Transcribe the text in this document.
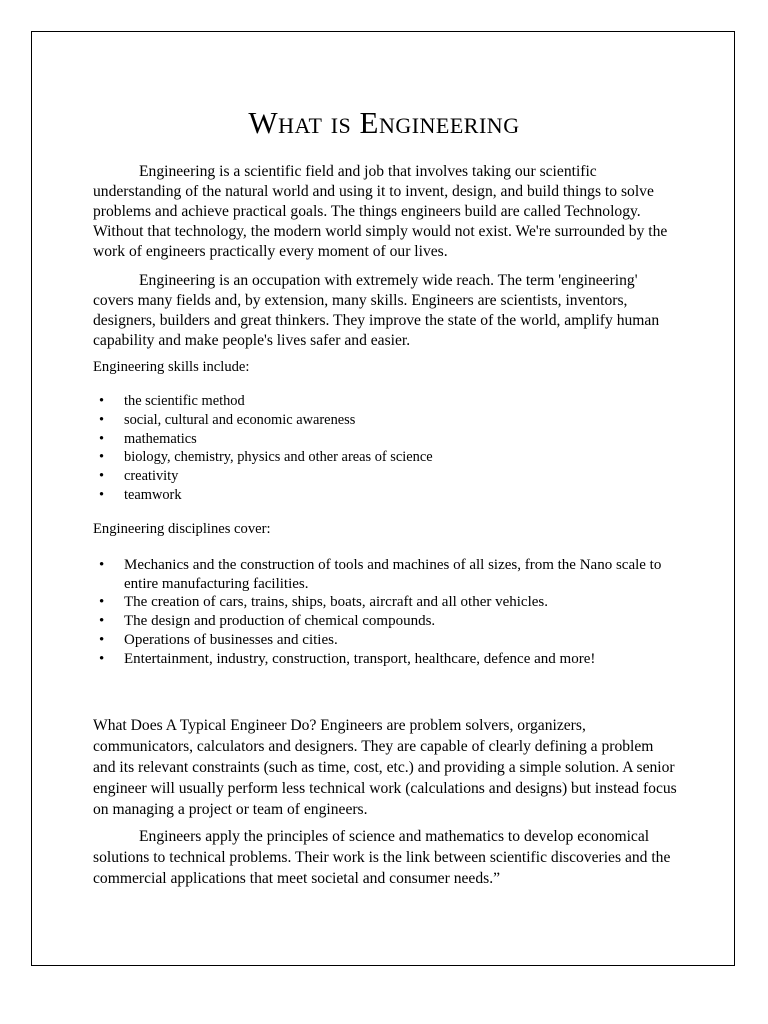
What is Engineering

Engineering is a scientific field and job that involves taking our scientific understanding of the natural world and using it to invent, design, and build things to solve problems and achieve practical goals. The things engineers build are called Technology. Without that technology, the modern world simply would not exist. We're surrounded by the work of engineers practically every moment of our lives.

Engineering is an occupation with extremely wide reach. The term 'engineering' covers many fields and, by extension, many skills. Engineers are scientists, inventors, designers, builders and great thinkers. They improve the state of the world, amplify human capability and make people's lives safer and easier.

Engineering skills include:
• the scientific method
• social, cultural and economic awareness
• mathematics
• biology, chemistry, physics and other areas of science
• creativity
• teamwork
Engineering disciplines cover:
• Mechanics and the construction of tools and machines of all sizes, from the Nano scale to entire manufacturing facilities.
• The creation of cars, trains, ships, boats, aircraft and all other vehicles.
• The design and production of chemical compounds.
• Operations of businesses and cities.
• Entertainment, industry, construction, transport, healthcare, defence and more!

What Does A Typical Engineer Do? Engineers are problem solvers, organizers, communicators, calculators and designers. They are capable of clearly defining a problem and its relevant constraints (such as time, cost, etc.) and providing a simple solution. A senior engineer will usually perform less technical work (calculations and designs) but instead focus on managing a project or team of engineers.

Engineers apply the principles of science and mathematics to develop economical solutions to technical problems. Their work is the link between scientific discoveries and the commercial applications that meet societal and consumer needs.”
